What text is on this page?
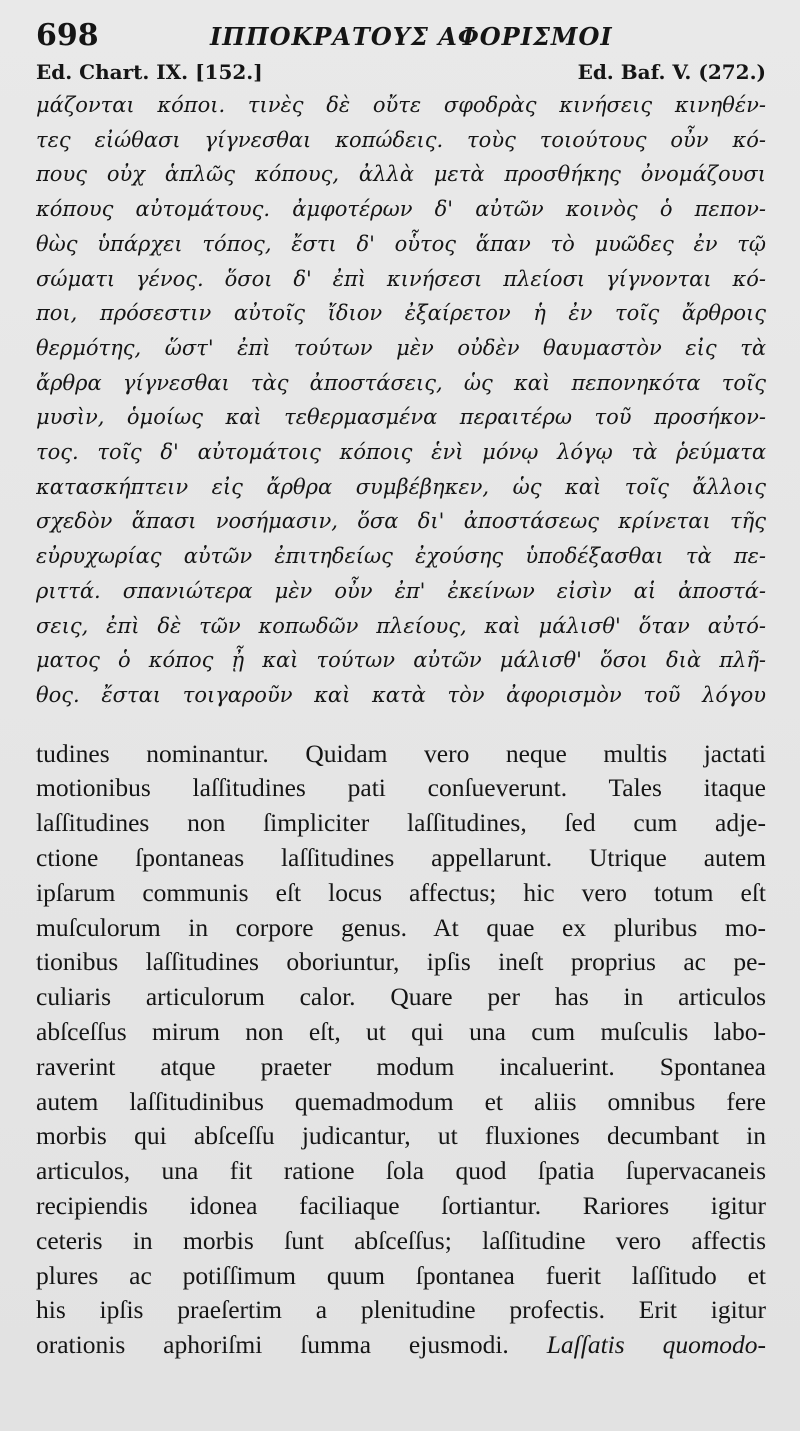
698	ΙΠΠΟΚΡΑΤΟΥΣ ΑΦΟΡΙΣΜΟΙ
Ed. Chart. IX. [152.]	Ed. Baf. V. (272.)
μάζονται κόποι. τινὲς δὲ οὔτε σφοδρὰς κινήσεις κινηθέν-
τες εἰώθασι γίγνεσθαι κοπώδεις. τοὺς τοιούτους οὖν κό-
πους οὐχ ἁπλῶς κόπους, ἀλλὰ μετὰ προσθήκης ὀνομάζουσι
κόπους αὐτομάτους. ἀμφοτέρων δ' αὐτῶν κοινὸς ὁ πεπον-
θὼς ὑπάρχει τόπος, ἔστι δ' οὗτος ἅπαν τὸ μυῶδες ἐν τῷ
σώματι γένος. ὅσοι δ' ἐπὶ κινήσεσι πλείοσι γίγνονται κό-
ποι, πρόσεστιν αὐτοῖς ἴδιον ἐξαίρετον ἡ ἐν τοῖς ἄρθροις
θερμότης, ὥστ' ἐπὶ τούτων μὲν οὐδὲν θαυμαστὸν εἰς τὰ
ἄρθρα γίγνεσθαι τὰς ἀποστάσεις, ὡς καὶ πεπονηκότα τοῖς
μυσὶν, ὁμοίως καὶ τεθερμασμένα περαιτέρω τοῦ προσήκον-
τος. τοῖς δ' αὐτομάτοις κόποις ἑνὶ μόνῳ λόγῳ τὰ ῥεύματα
κατασκήπτειν εἰς ἄρθρα συμβέβηκεν, ὡς καὶ τοῖς ἄλλοις
σχεδὸν ἅπασι νοσήμασιν, ὅσα δι' ἀποστάσεως κρίνεται τῆς
εὐρυχωρίας αὐτῶν ἐπιτηδείως ἐχούσης ὑποδέξασθαι τὰ πε-
ριττά. σπανιώτερα μὲν οὖν ἐπ' ἐκείνων εἰσὶν αἱ ἀποστά-
σεις, ἐπὶ δὲ τῶν κοπωδῶν πλείους, καὶ μάλισθ' ὅταν αὐτό-
ματος ὁ κόπος ᾖ καὶ τούτων αὐτῶν μάλισθ' ὅσοι διὰ πλῆ-
θος. ἔσται τοιγαροῦν καὶ κατὰ τὸν ἀφορισμὸν τοῦ λόγου
tudines nominantur. Quidam vero neque multis jactati
motionibus laſſitudines pati conſueverunt. Tales itaque
laſſitudines non ſimpliciter laſſitudines, ſed cum adje-
ctione ſpontaneas laſſitudines appellarunt. Utrique autem
ipſarum communis eſt locus affectus; hic vero totum eſt
muſculorum in corpore genus. At quae ex pluribus mo-
tionibus laſſitudines oboriuntur, ipſis ineſt proprius ac pe-
culiaris articulorum calor. Quare per has in articulos
abſceſſus mirum non eſt, ut qui una cum muſculis labo-
raverint atque praeter modum incaluerint. Spontanea
autem laſſitudinibus quemadmodum et aliis omnibus fere
morbis qui abſceſſu judicantur, ut fluxiones decumbant in
articulos, una fit ratione ſola quod ſpatia ſupervacaneis
recipiendis idonea faciliaque ſortiantur. Rariores igitur
ceteris in morbis ſunt abſceſſus; laſſitudine vero affectis
plures ac potiſſimum quum ſpontanea fuerit laſſitudo et
his ipſis praeſertim a plenitudine profectis. Erit igitur
orationis aphoriſmi ſumma ejusmodi. Laſſatis quomodo-
